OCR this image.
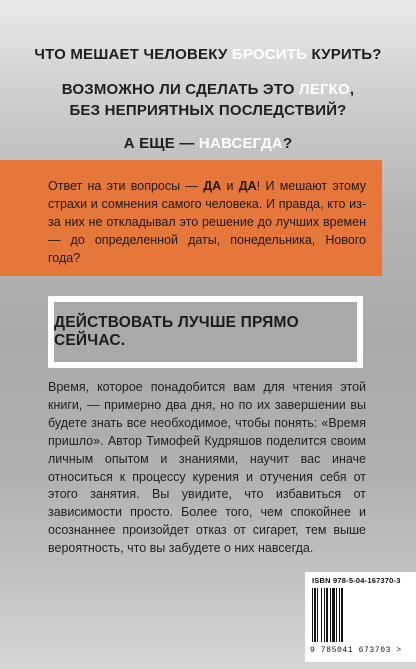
ЧТО МЕШАЕТ ЧЕЛОВЕКУ БРОСИТЬ КУРИТЬ?

ВОЗМОЖНО ЛИ СДЕЛАТЬ ЭТО ЛЕГКО,

БЕЗ НЕПРИЯТНЫХ ПОСЛЕДСТВИЙ?

А ЕЩЕ — НАВСЕГДА?

Ответ на эти вопросы — ДА и ДА! И мешают этому страхи и сомнения самого человека. И правда, кто из-за них не откладывал это решение до лучших времен — до определенной даты, понедельника, Нового года?
ДЕЙСТВОВАТЬ ЛУЧШЕ ПРЯМО СЕЙЧАС.
Время, которое понадобится вам для чтения этой книги, — примерно два дня, но по их завершении вы будете знать все необходимое, чтобы понять: «Время пришло». Автор Тимофей Кудряшов поделится своим личным опытом и знаниями, научит вас иначе относиться к процессу курения и отучения себя от этого занятия. Вы увидите, что избавиться от зависимости просто. Более того, чем спокойнее и осознаннее произойдет отказ от сигарет, тем выше вероятность, что вы забудете о них навсегда.
ISBN 978-5-04-167370-3
9 785041 673703 >
